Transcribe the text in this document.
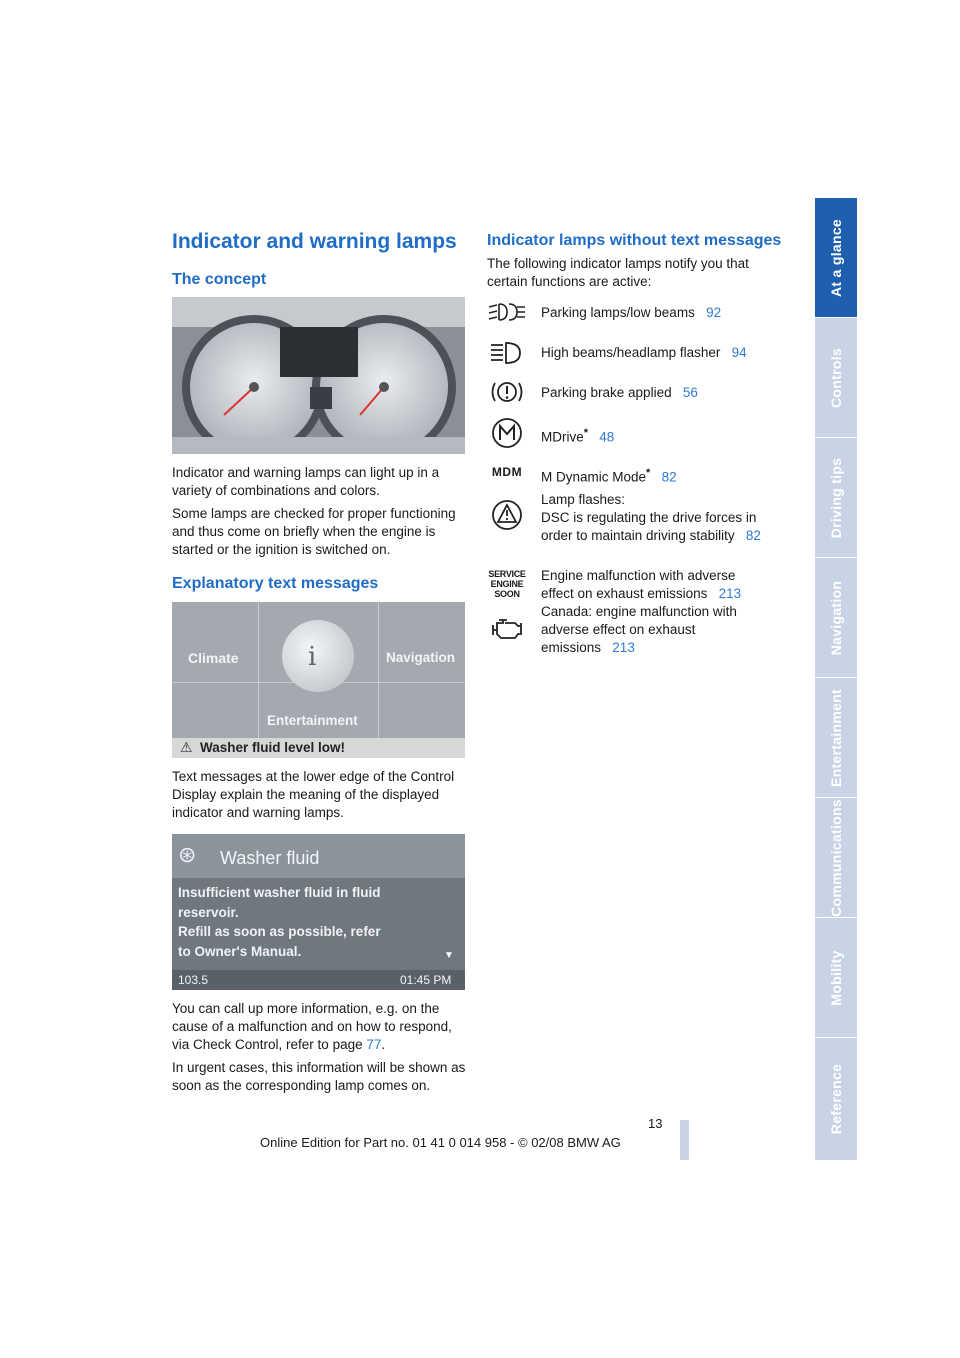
At a glance
Controls
Driving tips
Navigation
Entertainment
Communications
Mobility
Reference
Indicator and warning lamps
The concept

Indicator and warning lamps can light up in a variety of combinations and colors.

Some lamps are checked for proper functioning and thus come on briefly when the engine is started or the ignition is switched on.

Explanatory text messages
i
Climate	Navigation
Entertainment
⚠ Washer fluid level low!

Text messages at the lower edge of the Control Display explain the meaning of the displayed indicator and warning lamps.

⊛ Washer fluid
Insufficient washer fluid in fluid
reservoir.
Refill as soon as possible, refer
to Owner's Manual.
103.5	01:45 PM
▼

You can call up more information, e.g. on the cause of a malfunction and on how to respond, via Check Control, refer to page 77.

In urgent cases, this information will be shown as soon as the corresponding lamp comes on.

Indicator lamps without text messages

The following indicator lamps notify you that certain functions are active:

Parking lamps/low beams 92
High beams/headlamp flasher 94
Parking brake applied 56
MDrive* 48
MDM	M Dynamic Mode* 82
Lamp flashes:
DSC is regulating the drive forces in
order to maintain driving stability 82
SERVICE
ENGINE
SOON
Engine malfunction with adverse
effect on exhaust emissions 213
Canada: engine malfunction with
adverse effect on exhaust
emissions 213
13
Online Edition for Part no. 01 41 0 014 958 - © 02/08 BMW AG
